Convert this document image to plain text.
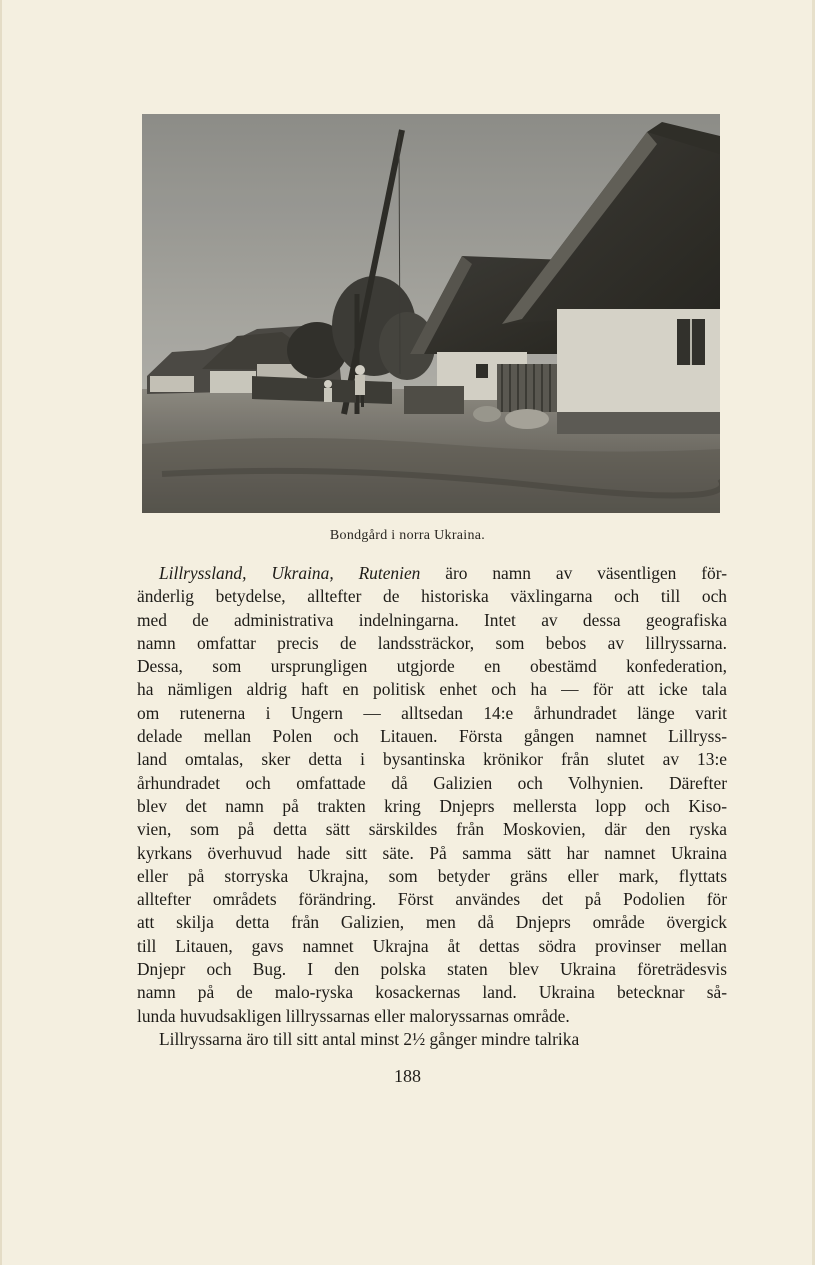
Bondgård i norra Ukraina.
Lillryssland, Ukraina, Rutenien äro namn av väsentligen för-
änderlig betydelse, alltefter de historiska växlingarna och till och
med de administrativa indelningarna. Intet av dessa geografiska
namn omfattar precis de landssträckor, som bebos av lillryssarna.
Dessa, som ursprungligen utgjorde en obestämd konfederation,
ha nämligen aldrig haft en politisk enhet och ha — för att icke tala
om rutenerna i Ungern — alltsedan 14:e århundradet länge varit
delade mellan Polen och Litauen. Första gången namnet Lillryss-
land omtalas, sker detta i bysantinska krönikor från slutet av 13:e
århundradet och omfattade då Galizien och Volhynien. Därefter
blev det namn på trakten kring Dnjeprs mellersta lopp och Kiso-
vien, som på detta sätt särskildes från Moskovien, där den ryska
kyrkans överhuvud hade sitt säte. På samma sätt har namnet Ukraina
eller på storryska Ukrajna, som betyder gräns eller mark, flyttats
alltefter områdets förändring. Först användes det på Podolien för
att skilja detta från Galizien, men då Dnjeprs område övergick
till Litauen, gavs namnet Ukrajna åt dettas södra provinser mellan
Dnjepr och Bug. I den polska staten blev Ukraina företrädesvis
namn på de malo-ryska kosackernas land. Ukraina betecknar så-
lunda huvudsakligen lillryssarnas eller maloryssarnas område.
Lillryssarna äro till sitt antal minst 2½ gånger mindre talrika
188
